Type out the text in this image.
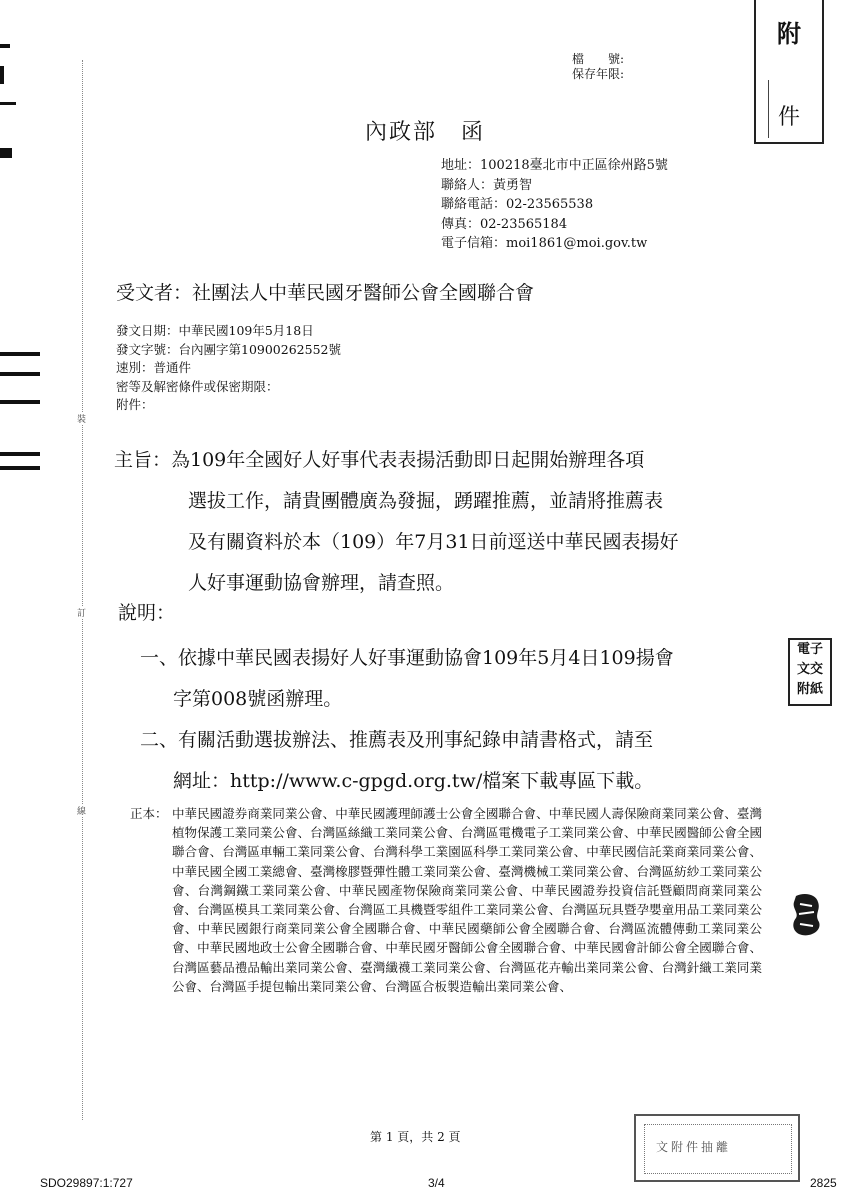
裝
訂
線
附
件
檔　　號:
保存年限:
內政部　函
地址：100218臺北市中正區徐州路5號
聯絡人：黃勇智
聯絡電話：02-23565538
傳真：02-23565184
電子信箱：moi1861@moi.gov.tw
受文者：社團法人中華民國牙醫師公會全國聯合會
發文日期：中華民國109年5月18日
發文字號：台內團字第10900262552號
速別：普通件
密等及解密條件或保密期限：
附件：
主旨：為109年全國好人好事代表表揚活動即日起開始辦理各項
選拔工作，請貴團體廣為發掘，踴躍推薦，並請將推薦表
及有關資料於本（109）年7月31日前逕送中華民國表揚好
人好事運動協會辦理，請查照。
說明：
一、依據中華民國表揚好人好事運動協會109年5月4日109揚會
字第008號函辦理。
二、有關活動選拔辦法、推薦表及刑事紀錄申請書格式，請至
網址：http://www.c-gpgd.org.tw/檔案下載專區下載。
正本： 中華民國證券商業同業公會、中華民國護理師護士公會全國聯合會、中華民國人壽保險商業同業公會、臺灣植物保護工業同業公會、台灣區絲織工業同業公會、台灣區電機電子工業同業公會、中華民國醫師公會全國聯合會、台灣區車輛工業同業公會、台灣科學工業園區科學工業同業公會、中華民國信託業商業同業公會、中華民國全國工業總會、臺灣橡膠暨彈性體工業同業公會、臺灣機械工業同業公會、台灣區紡紗工業同業公會、台灣鋼鐵工業同業公會、中華民國產物保險商業同業公會、中華民國證券投資信託暨顧問商業同業公會、台灣區模具工業同業公會、台灣區工具機暨零組件工業同業公會、台灣區玩具暨孕嬰童用品工業同業公會、中華民國銀行商業同業公會全國聯合會、中華民國藥師公會全國聯合會、台灣區流體傳動工業同業公會、中華民國地政士公會全國聯合會、中華民國牙醫師公會全國聯合會、中華民國會計師公會全國聯合會、台灣區藝品禮品輸出業同業公會、臺灣纖襪工業同業公會、台灣區花卉輸出業同業公會、台灣針織工業同業公會、台灣區手提包輸出業同業公會、台灣區合板製造輸出業同業公會、
電子
文交
附紙
文附件抽離
第 1 頁，共 2 頁
SDO29897:1:727	3/4	2825
